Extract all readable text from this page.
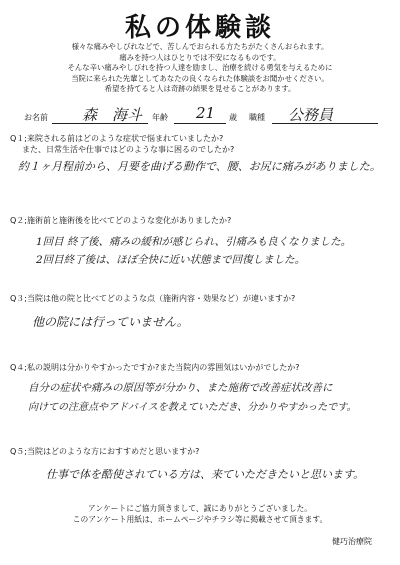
私の体験談
様々な痛みやしびれなどで、苦しんでおられる方たちがたくさんおられます。
痛みを持つ人はひとりでは不安になるものです。
そんな辛い痛みやしびれを持つ人達を励まし、治療を続ける勇気を与えるために
当院に来られた先輩としてあなたの良くなられた体験談をお聞かせください。
希望を持てると人は奇跡の結果を見せることがあります。
お名前 森　海斗 年齢 21 歳 職種 公務員
Q１;来院される前はどのような症状で悩まれていましたか?
また、日常生活や仕事ではどのような事に困るのでしたか?
約１ヶ月程前から、月要を曲げる動作で、腰、お尻に痛みがありました。
Q２;施術前と施術後を比べてどのような変化がありましたか?
1回目 終了後、痛みの緩和が感じられ、引痛みも良くなりました。
2回目終了後は、ほぼ全快に近い状態まで回復しました。
Q３;当院は他の院と比べてどのような点（施術内容・効果など）が違いますか?
他の院には行っていません。
Q４;私の説明は分かりやすかったですか?また当院内の雰囲気はいかがでしたか?
自分の症状や痛みの原因等が分かり、また施術で改善症状改善に
向けての注意点やアドバイスを教えていただき、分かりやすかったです。
Q５;当院はどのような方におすすめだと思いますか?
仕事で体を酷使されている方は、来ていただきたいと思います。
アンケートにご協力頂きまして、誠にありがとうございました。
このアンケート用紙は、ホームページやチラシ等に掲載させて頂きます。
健巧治療院
